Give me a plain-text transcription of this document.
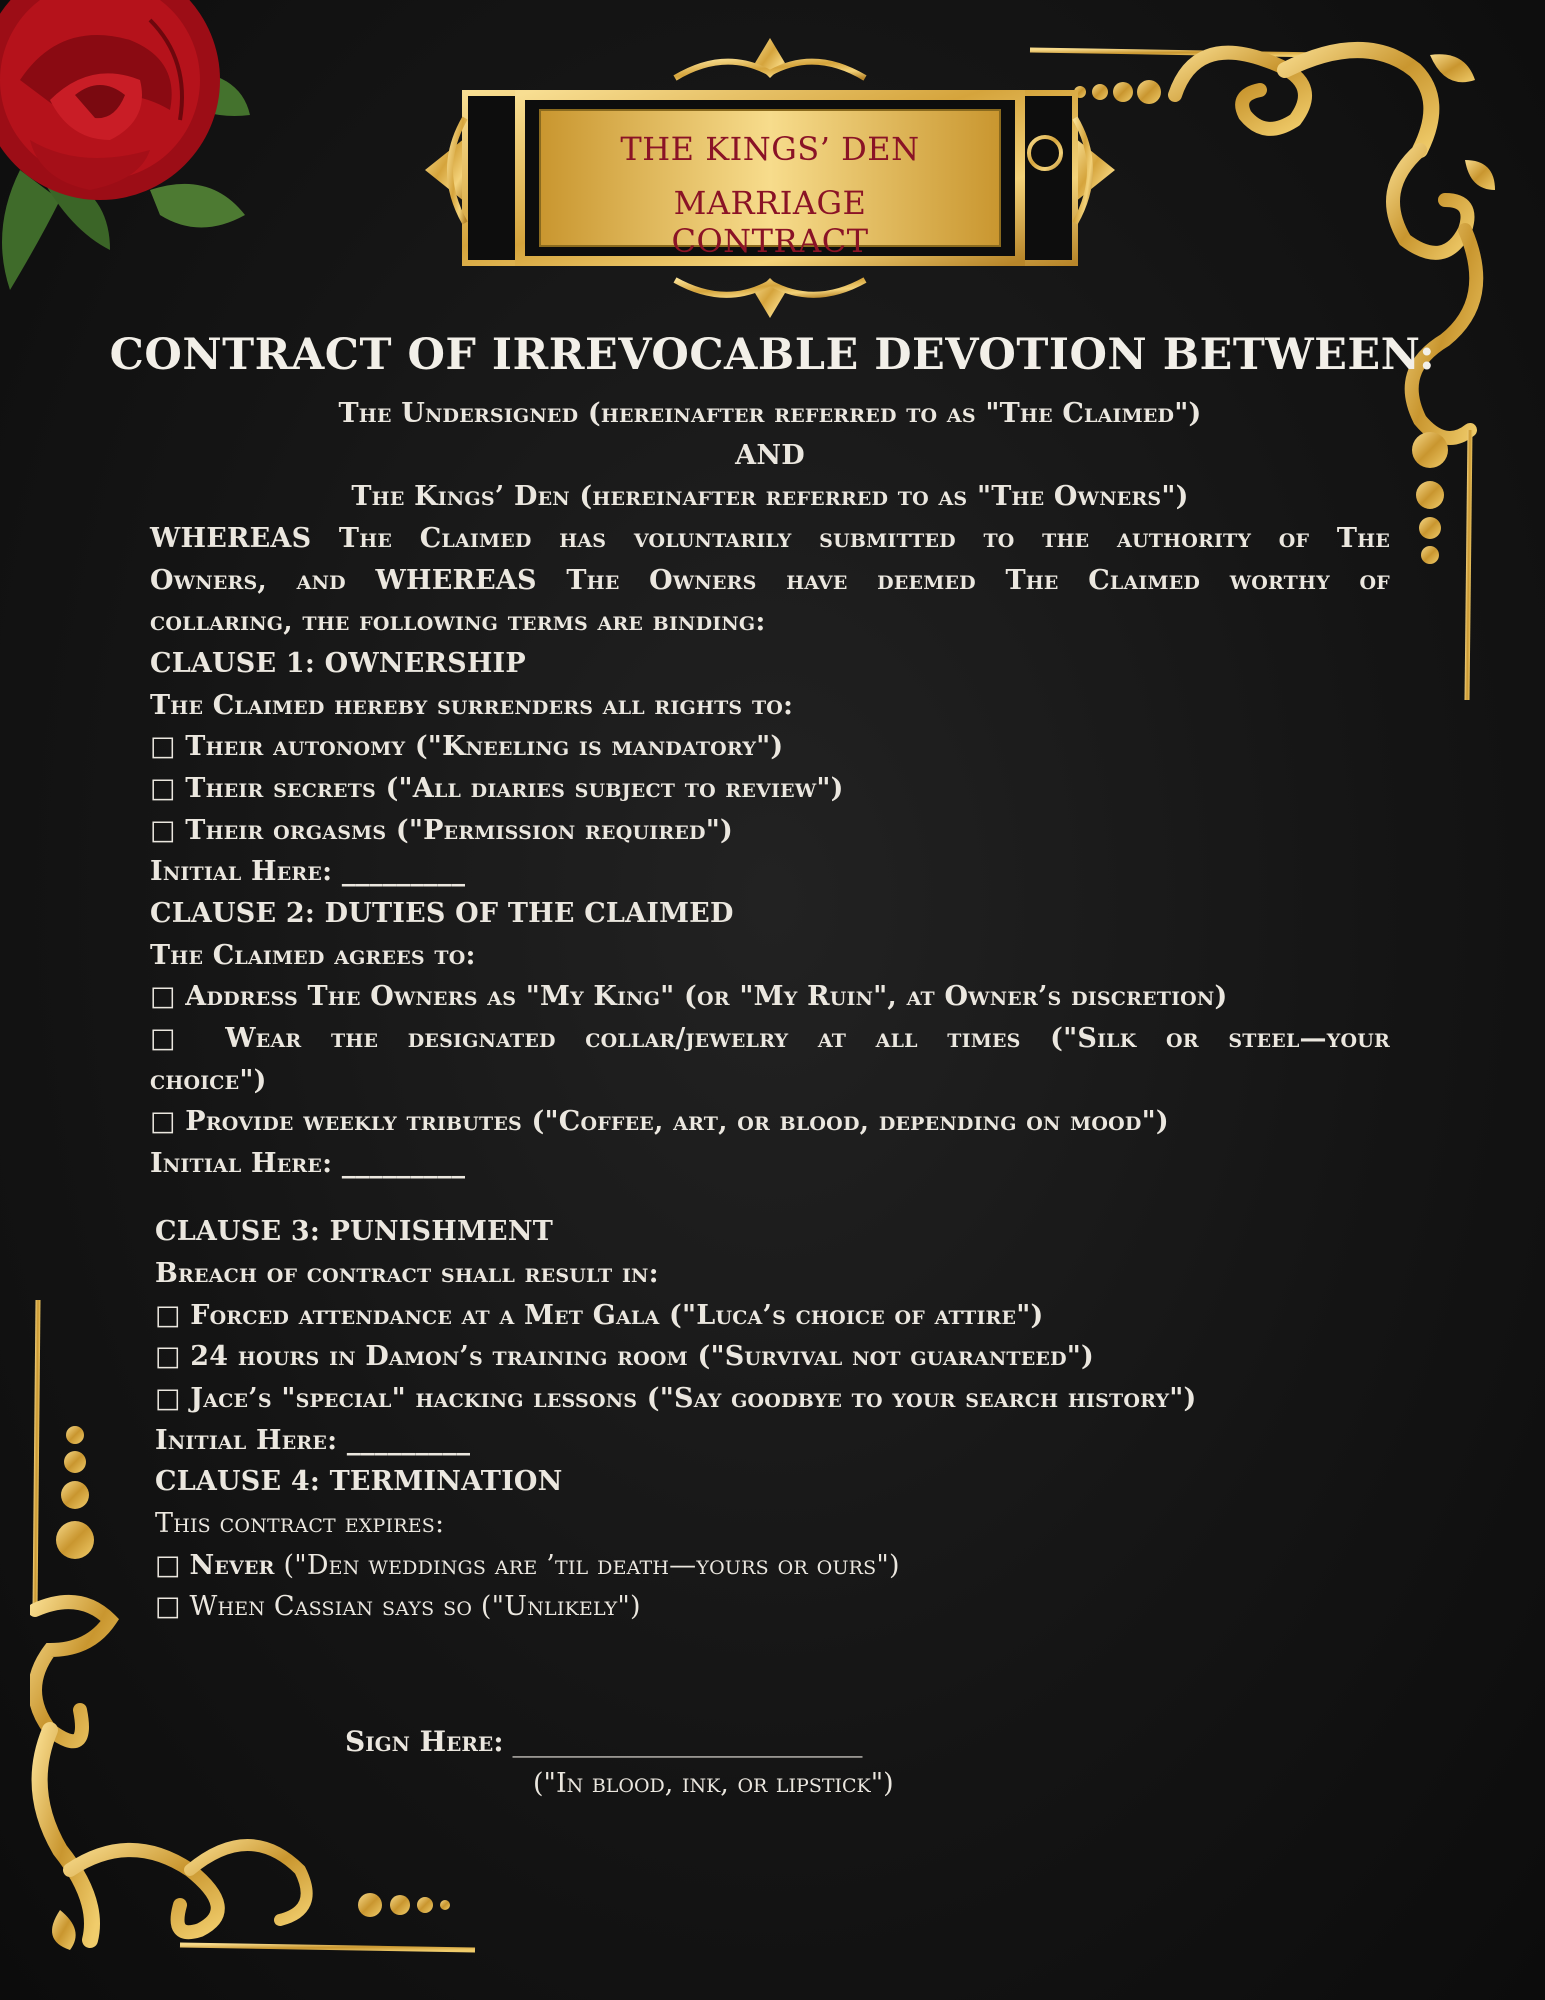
THE KINGS’ DEN
MARRIAGE CONTRACT
CONTRACT OF IRREVOCABLE DEVOTION BETWEEN:
The Undersigned (hereinafter referred to as "The Claimed")
AND
The Kings’ Den (hereinafter referred to as "The Owners")
WHEREAS The Claimed has voluntarily submitted to the authority of The
Owners, and WHEREAS The Owners have deemed The Claimed worthy of
collaring, the following terms are binding:
CLAUSE 1: OWNERSHIP
The Claimed hereby surrenders all rights to:
□ Their autonomy ("Kneeling is mandatory")
□ Their secrets ("All diaries subject to review")
□ Their orgasms ("Permission required")
Initial Here: _________
CLAUSE 2: DUTIES OF THE CLAIMED
The Claimed agrees to:
□ Address The Owners as "My King" (or "My Ruin", at Owner’s discretion)
□ Wear the designated collar/jewelry at all times ("Silk or steel—your
choice")
□ Provide weekly tributes ("Coffee, art, or blood, depending on mood")
Initial Here: _________
CLAUSE 3: PUNISHMENT
Breach of contract shall result in:
□ Forced attendance at a Met Gala ("Luca’s choice of attire")
□ 24 hours in Damon’s training room ("Survival not guaranteed")
□ Jace’s "special" hacking lessons ("Say goodbye to your search history")
Initial Here: _________
CLAUSE 4: TERMINATION
This contract expires:
□ Never ("Den weddings are ’til death—yours or ours")
□ When Cassian says so ("Unlikely")
Sign Here: _________________________
("In blood, ink, or lipstick")
